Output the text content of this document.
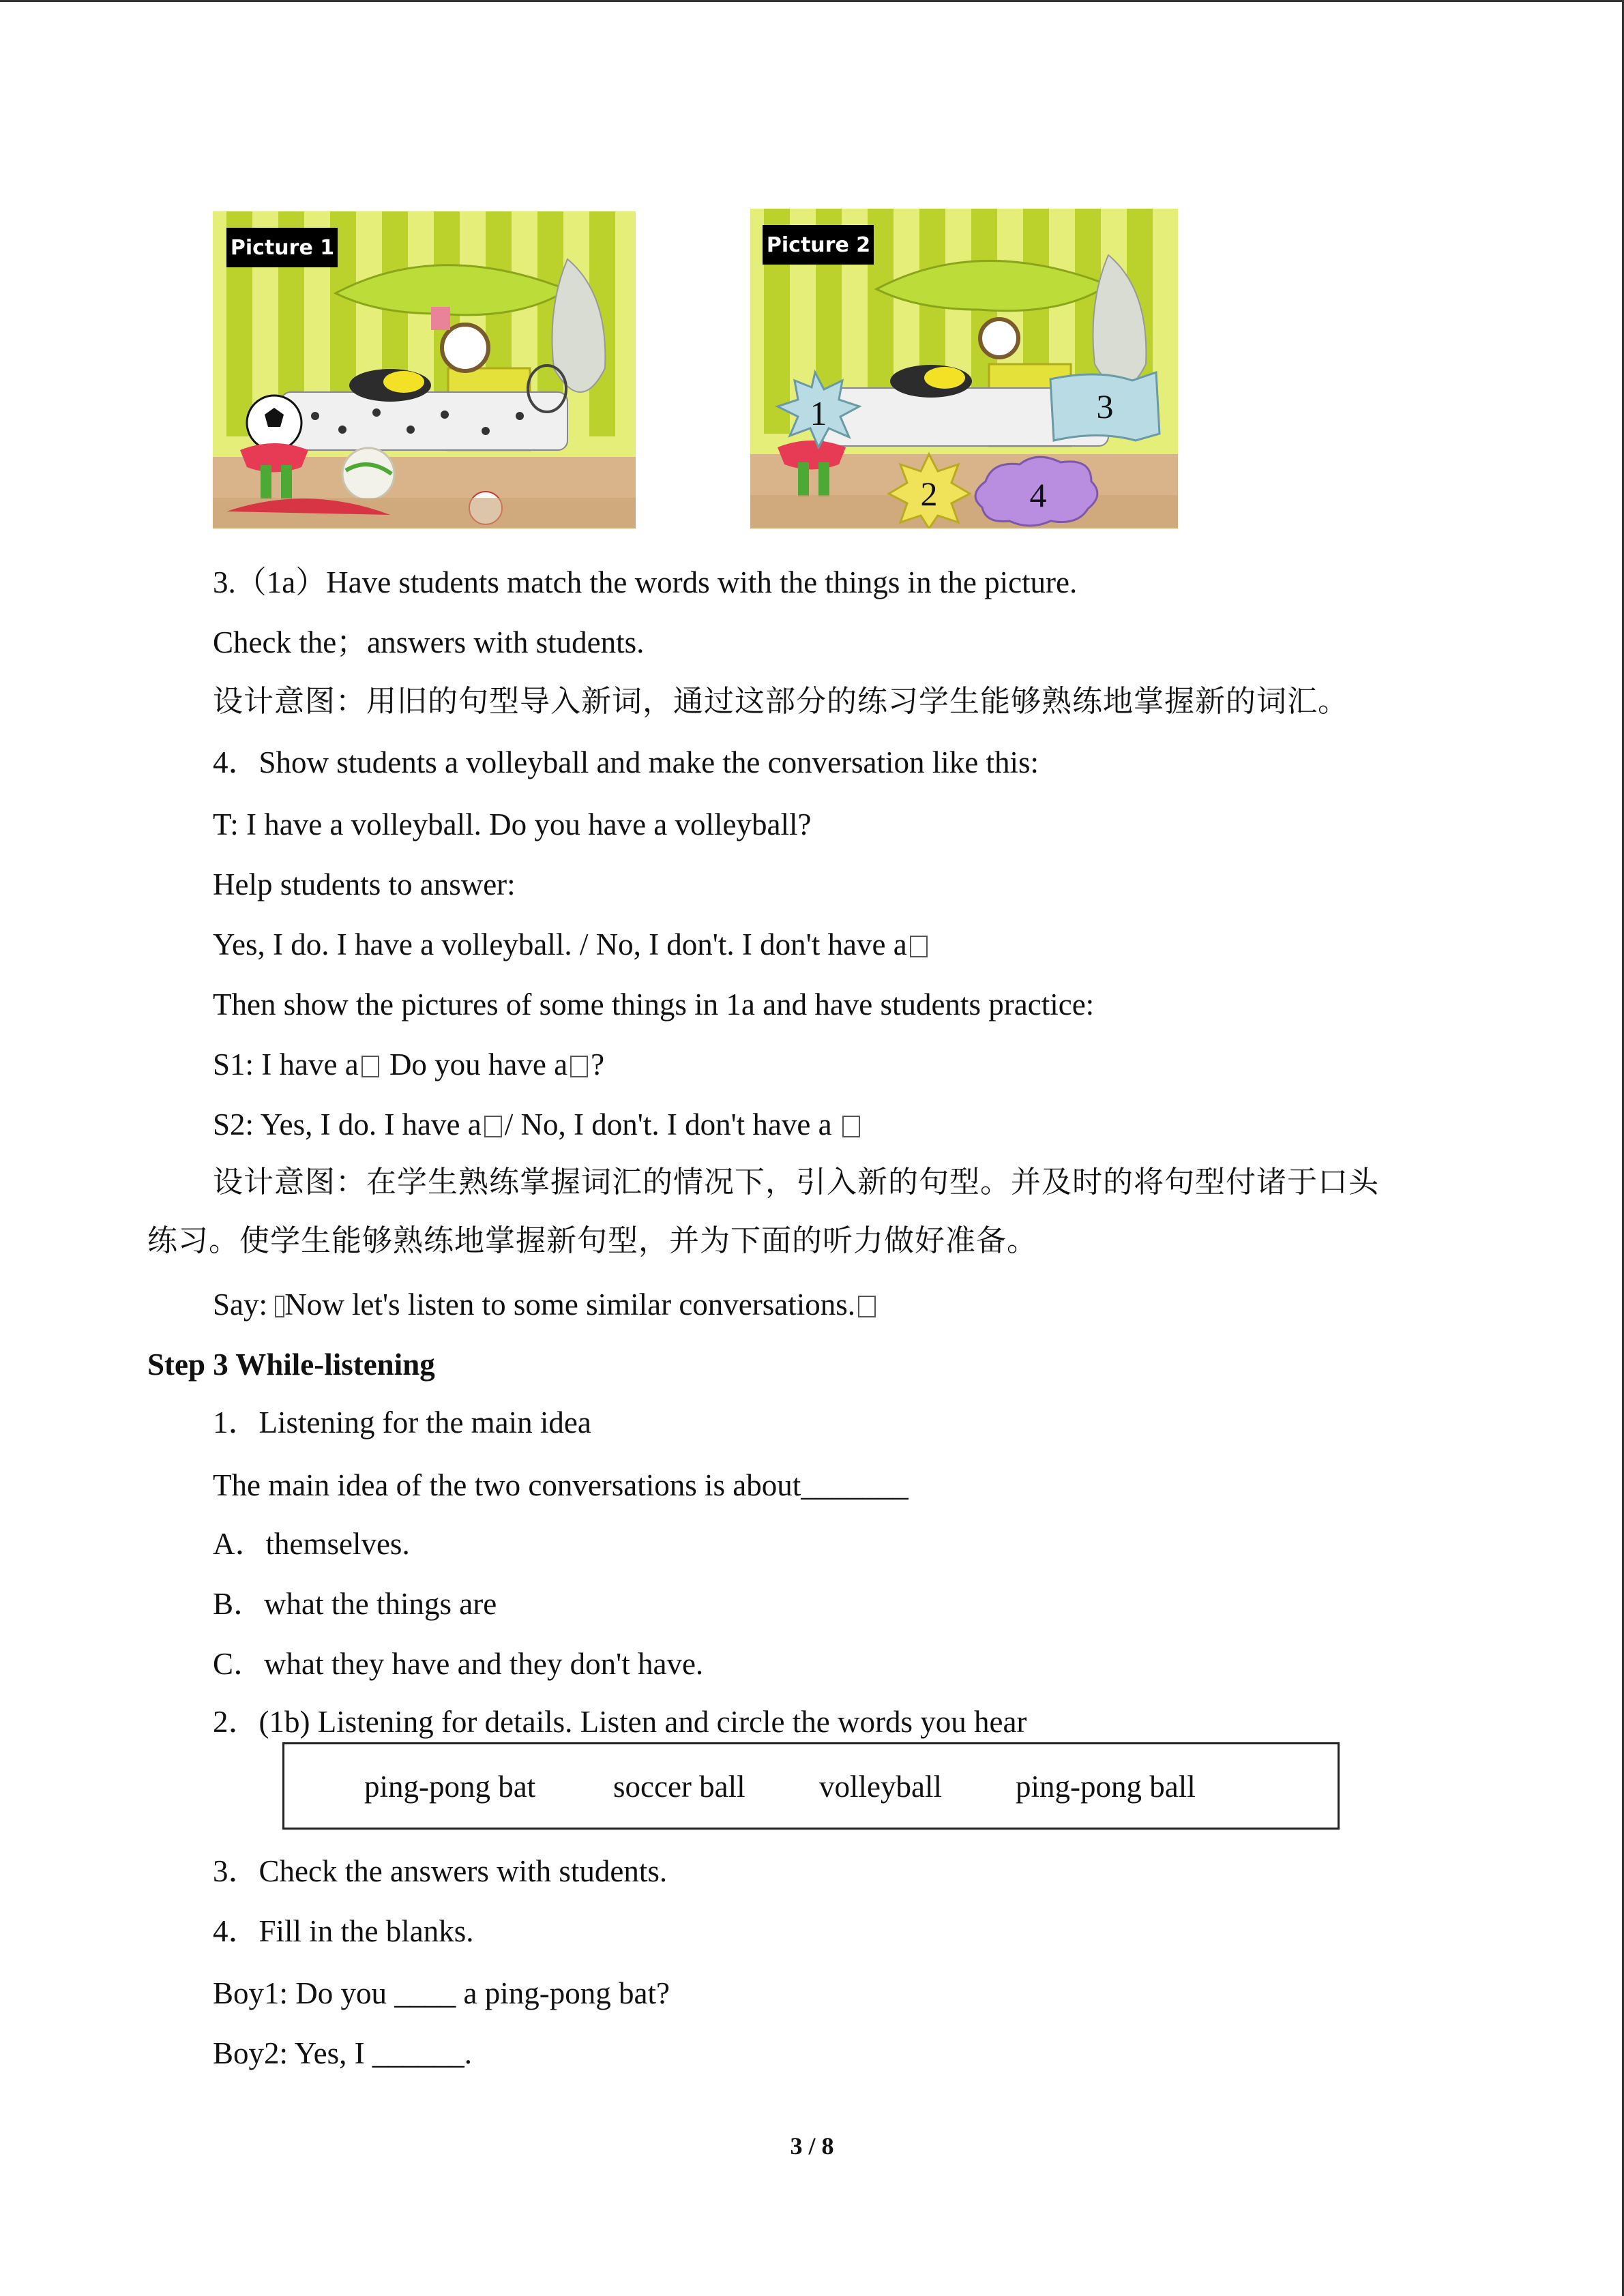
Picture 1	Picture 2
1
2
3
4
3.（1a）Have students match the words with the things in the picture.
Check the；answers with students.
设计意图：用旧的句型导入新词，通过这部分的练习学生能够熟练地掌握新的词汇。
4．Show students a volleyball and make the conversation like this:
T: I have a volleyball. Do you have a volleyball?
Help students to answer:
Yes, I do. I have a volleyball. / No, I don't. I don't have a
Then show the pictures of some things in 1a and have students practice:
S1: I have a Do you have a ?
S2: Yes, I do. I have a / No, I don't. I don't have a
设计意图：在学生熟练掌握词汇的情况下，引入新的句型。并及时的将句型付诸于口头
练习。使学生能够熟练地掌握新句型，并为下面的听力做好准备。
Say: Now let's listen to some similar conversations.
Step 3 While-listening
1．Listening for the main idea
The main idea of the two conversations is about_______
A．themselves.
B．what the things are
C．what they have and they don't have.
2．(1b) Listening for details. Listen and circle the words you hear
ping-pong bat	soccer ball volleyball ping-pong ball
3．Check the answers with students.
4．Fill in the blanks.
Boy1: Do you ____ a ping-pong bat?
Boy2: Yes, I ______.
3 / 8
